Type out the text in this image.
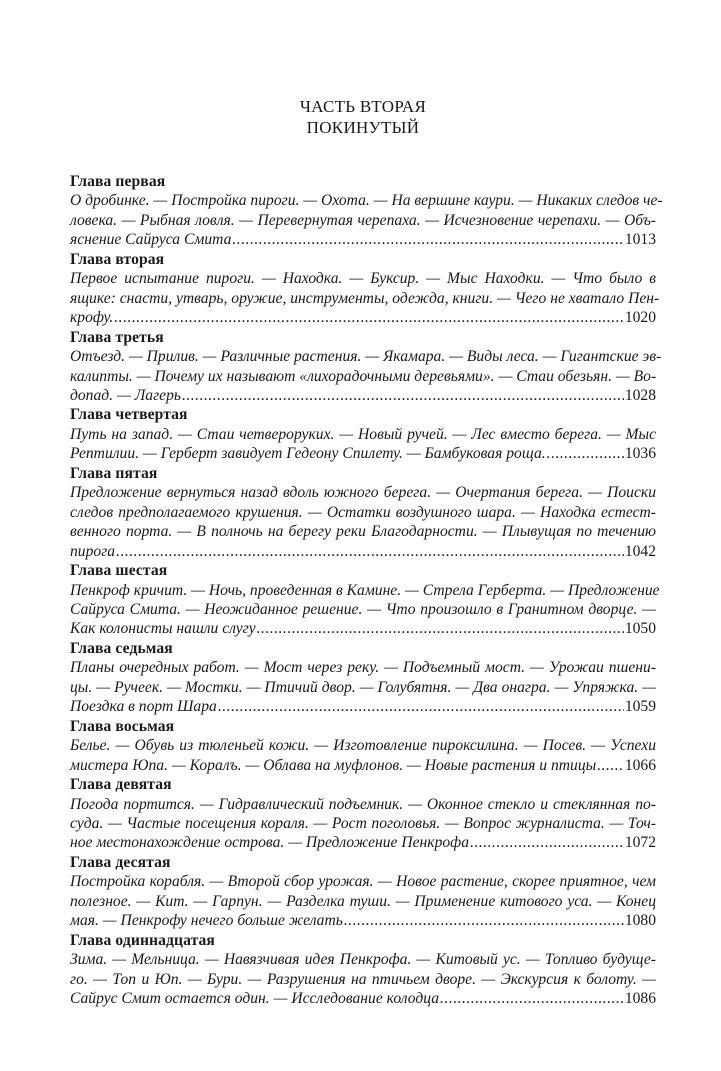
ЧАСТЬ ВТОРАЯ
ПОКИНУТЫЙ
Глава первая
О дробинке. — Постройка пироги. — Охота. — На вершине каури. — Никаких следов че-
ловека. — Рыбная ловля. — Перевернутая черепаха. — Исчезновение черепахи. — Объ-
яснение Сайруса Смита .....	1013
Глава вторая
Первое испытание пироги. — Находка. — Буксир. — Мыс Находки. — Что было в
ящике: снасти, утварь, оружие, инструменты, одежда, книги. — Чего не хватало Пен-
крофу. .....	1020
Глава третья
Отъезд. — Прилив. — Различные растения. — Якамара. — Виды леса. — Гигантские эв-
калипты. — Почему их называют «лихорадочными деревьями». — Стаи обезьян. — Во-
допад. — Лагерь .....	1028
Глава четвертая
Путь на запад. — Стаи четвероруких. — Новый ручей. — Лес вместо берега. — Мыс
Рептилии. — Герберт завидует Гедеону Спилету. — Бамбуковая роща. .....	1036
Глава пятая
Предложение вернуться назад вдоль южного берега. — Очертания берега. — Поиски
следов предполагаемого крушения. — Остатки воздушного шара. — Находка естест-
венного порта. — В полночь на берегу реки Благодарности. — Плывущая по течению
пирога .....	1042
Глава шестая
Пенкроф кричит. — Ночь, проведенная в Камине. — Стрела Герберта. — Предложение
Сайруса Смита. — Неожиданное решение. — Что произошло в Гранитном дворце. —
Как колонисты нашли слугу .....	1050
Глава седьмая
Планы очередных работ. — Мост через реку. — Подъемный мост. — Урожаи пшени-
цы. — Ручеек. — Мостки. — Птичий двор. — Голубятня. — Два онагра. — Упряжка. —
Поездка в порт Шара .....	1059
Глава восьмая
Белье. — Обувь из тюленьей кожи. — Изготовление пироксилина. — Посев. — Успехи
мистера Юпа. — Коралъ. — Облава на муфлонов. — Новые растения и птицы ..... 1066
Глава девятая
Погода портится. — Гидравлический подъемник. — Оконное стекло и стеклянная по-
суда. — Частые посещения кораля. — Рост поголовья. — Вопрос журналиста. — Точ-
ное местонахождение острова. — Предложение Пенкрофа .....	1072
Глава десятая
Постройка корабля. — Второй сбор урожая. — Новое растение, скорее приятное, чем
полезное. — Кит. — Гарпун. — Разделка туши. — Применение китового уса. — Конец
мая. — Пенкрофу нечего больше желать .....	1080
Глава одиннадцатая
Зима. — Мельница. — Навязчивая идея Пенкрофа. — Китовый ус. — Топливо будуще-
го. — Топ и Юп. — Бури. — Разрушения на птичьем дворе. — Экскурсия к болоту. —
Сайрус Смит остается один. — Исследование колодца .....	1086
